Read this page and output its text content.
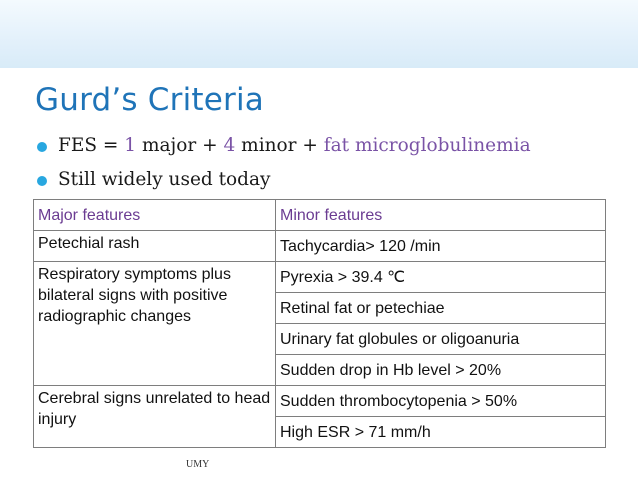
Gurd’s Criteria
FES = 1 major + 4 minor + fat microglobulinemia
Still widely used today
Major features	Minor features
Petechial rash	Tachycardia> 120 /min
Respiratory symptoms plus bilateral signs with positive radiographic changes	Pyrexia > 39.4 ℃
	Retinal fat or petechiae
	Urinary fat globules or oligoanuria
	Sudden drop in Hb level > 20%
Cerebral signs unrelated to head injury	Sudden thrombocytopenia > 50%
	High ESR > 71 mm/h
UMY
